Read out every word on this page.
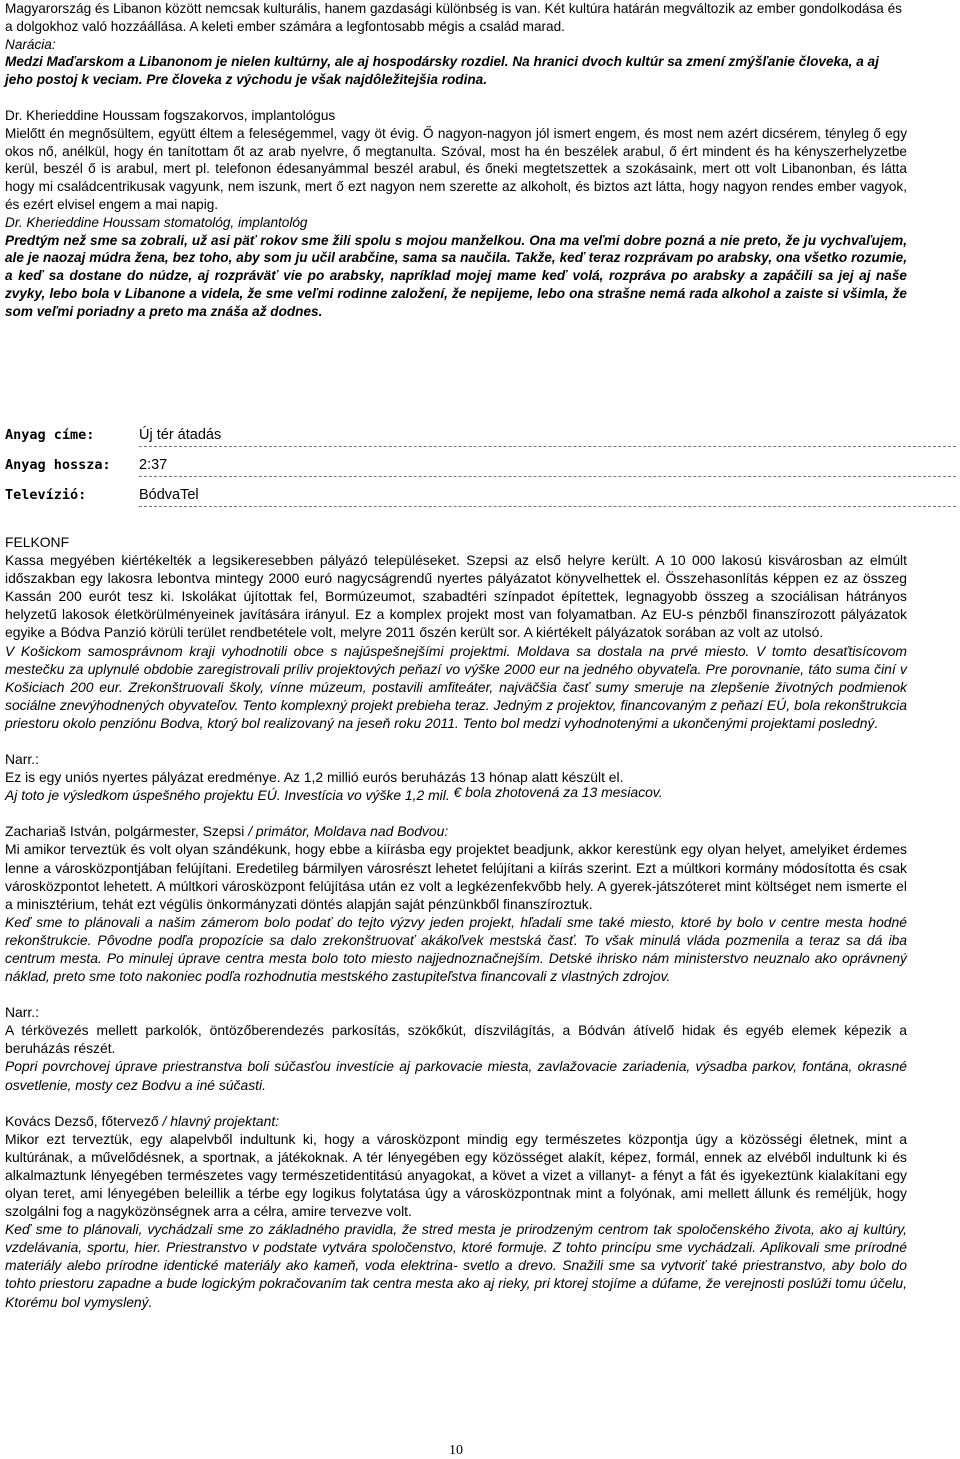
Magyarország és Libanon között nemcsak kulturális, hanem gazdasági különbség is van. Két kultúra határán megváltozik az ember gondolkodása és a dolgokhoz való hozzáállása. A keleti ember számára a legfontosabb mégis a család marad.

Narácia:

Medzi Maďarskom a Libanonom je nielen kultúrny, ale aj hospodársky rozdiel. Na hranici dvoch kultúr sa zmení zmýšľanie človeka, a aj jeho postoj k veciam. Pre človeka z východu je však najdôležitejšia rodina.

Dr. Kherieddine Houssam fogszakorvos, implantológus

Mielőtt én megnősültem, együtt éltem a feleségemmel, vagy öt évig. Ő nagyon-nagyon jól ismert engem, és most nem azért dicsérem, tényleg ő egy okos nő, anélkül, hogy én tanítottam őt az arab nyelvre, ő megtanulta. Szóval, most ha én beszélek arabul, ő ért mindent és ha kényszerhelyzetbe kerül, beszél ő is arabul, mert pl. telefonon édesanyámmal beszél arabul, és őneki megtetszettek a szokásaink, mert ott volt Libanonban, és látta hogy mi családcentrikusak vagyunk, nem iszunk, mert ő ezt nagyon nem szerette az alkoholt, és biztos azt látta, hogy nagyon rendes ember vagyok, és ezért elvisel engem a mai napig.

Dr. Kherieddine Houssam stomatológ, implantológ

Predtým než sme sa zobrali, už asi päť rokov sme žili spolu s mojou manželkou. Ona ma veľmi dobre pozná a nie preto, že ju vychvaľujem, ale je naozaj múdra žena, bez toho, aby som ju učil arabčine, sama sa naučila. Takže, keď teraz rozprávam po arabsky, ona všetko rozumie, a keď sa dostane do núdze, aj rozpráväť vie po arabsky, napríklad mojej mame keď volá, rozpráva po arabsky a zapáčili sa jej aj naše zvyky, lebo bola v Libanone a videla, že sme veľmi rodinne založení, že nepijeme, lebo ona strašne nemá rada alkohol a zaiste si všimla, že som veľmi poriadny a preto ma znáša až dodnes.

Anyag címe:	Új tér átadás
Anyag hossza: 2:37
Televízió:	BódvaTel

FELKONF

Kassa megyében kiértékelték a legsikeresebben pályázó településeket. Szepsi az első helyre került. A 10 000 lakosú kisvárosban az elmúlt időszakban egy lakosra lebontva mintegy 2000 euró nagycságrendű nyertes pályázatot könyvelhettek el. Összehasonlítás képpen ez az összeg Kassán 200 eurót tesz ki. Iskolákat újítottak fel, Bormúzeumot, szabadtéri színpadot építettek, legnagyobb összeg a szociálisan hátrányos helyzetű lakosok életkörülményeinek javítására irányul. Ez a komplex projekt most van folyamatban. Az EU-s pénzből finanszírozott pályázatok egyike a Bódva Panzió körüli terület rendbetétele volt, melyre 2011 őszén került sor. A kiértékelt pályázatok sorában az volt az utolsó.

V Košickom samosprávnom kraji vyhodnotili obce s najúspešnejšími projektmi. Moldava sa dostala na prvé miesto. V tomto desaťtisícovom mestečku za uplynulé obdobie zaregistrovali príliv projektových peňazí vo výške 2000 eur na jedného obyvateľa. Pre porovnanie, táto suma činí v Košiciach 200 eur. Zrekonštruovali školy, vínne múzeum, postavili amfiteáter, najväčšia časť sumy smeruje na zlepšenie životných podmienok sociálne znevýhodnených obyvateľov. Tento komplexný projekt prebieha teraz. Jedným z projektov, financovaným z peňazí EÚ, bola rekonštrukcia priestoru okolo penziónu Bodva, ktorý bol realizovaný na jeseň roku 2011. Tento bol medzi vyhodnotenými a ukončenými projektami posledný.

Narr.:

Ez is egy uniós nyertes pályázat eredménye. Az 1,2 millió eurós beruházás 13 hónap alatt készült el.

Aj toto je výsledkom úspešného projektu EÚ. Investícia vo výške 1,2 mil. € bola zhotovená za 13 mesiacov.

Zachariaš István, polgármester, Szepsi / primátor, Moldava nad Bodvou:

Mi amikor terveztük és volt olyan szándékunk, hogy ebbe a kiírásba egy projektet beadjunk, akkor kerestünk egy olyan helyet, amelyiket érdemes lenne a városközpontjában felújítani. Eredetileg bármilyen városrészt lehetet felújítani a kiírás szerint. Ezt a múltkori kormány módosította és csak városközpontot lehetett. A múltkori városközpont felújítása után ez volt a legkézenfekvőbb hely. A gyerek-játszóteret mint költséget nem ismerte el a minisztérium, tehát ezt végülis önkormányzati döntés alapján saját pénzünkből finanszíroztuk.

Keď sme to plánovali a našim zámerom bolo podať do tejto výzvy jeden projekt, hľadali sme také miesto, ktoré by bolo v centre mesta hodné rekonštrukcie. Pôvodne podľa propozície sa dalo zrekonštruovať akákoľvek mestská časť. To však minulá vláda pozmenila a teraz sa dá iba centrum mesta. Po minulej úprave centra mesta bolo toto miesto najjednoznačnejším. Detské ihrisko nám ministerstvo neuznalo ako oprávnený náklad, preto sme toto nakoniec podľa rozhodnutia mestského zastupiteľstva financovali z vlastných zdrojov.

Narr.:

A térkövezés mellett parkolók, öntözőberendezés parkosítás, szökőkút, díszvilágítás, a Bódván átívelő hidak és egyéb elemek képezik a beruházás részét.

Popri povrchovej úprave priestranstva boli súčasťou investície aj parkovacie miesta, zavlažovacie zariadenia, výsadba parkov, fontána, okrasné osvetlenie, mosty cez Bodvu a iné súčasti.

Kovács Dezső, főtervező / hlavný projektant:

Mikor ezt terveztük, egy alapelvből indultunk ki, hogy a városközpont mindig egy természetes központja úgy a közösségi életnek, mint a kultúrának, a művelődésnek, a sportnak, a játékoknak. A tér lényegében egy közösséget alakít, képez, formál, ennek az elvéből indultunk ki és alkalmaztunk lényegében természetes vagy természetidentitású anyagokat, a követ a vizet a villanyt- a fényt a fát és igyekeztünk kialakítani egy olyan teret, ami lényegében beleillik a térbe egy logikus folytatása úgy a városközpontnak mint a folyónak, ami mellett állunk és reméljük, hogy szolgálni fog a nagyközönségnek arra a célra, amire tervezve volt.

Keď sme to plánovali, vychádzali sme zo základného pravidla, že stred mesta je prirodzeným centrom tak spoločenského života, ako aj kultúry, vzdelávania, sportu, hier. Priestranstvo v podstate vytvára spoločenstvo, ktoré formuje. Z tohto princípu sme vychádzali. Aplikovali sme prírodné materiály alebo prírodne identické materiály ako kameň, voda elektrina- svetlo a drevo. Snažili sme sa vytvoriť také priestranstvo, aby bolo do tohto priestoru zapadne a bude logickým pokračovaním tak centra mesta ako aj rieky, pri ktorej stojíme a dúfame, že verejnosti poslúži tomu účelu, Ktorému bol vymyslený.

10
